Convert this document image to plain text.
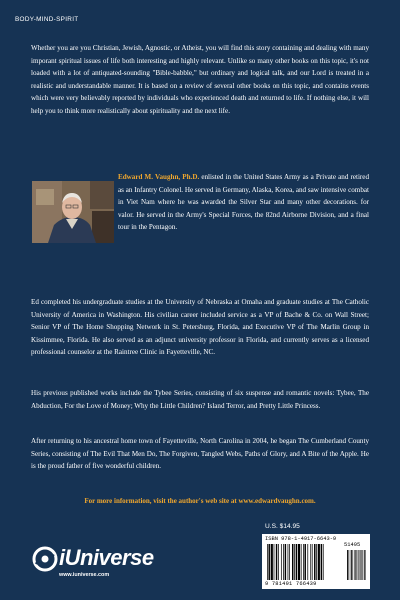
BODY-MIND-SPIRIT

Whether you are you Christian, Jewish, Agnostic, or Atheist, you will find this story containing and dealing with many imporant spiritual issues of life both interesting and highly relevant. Unlike so many other books on this topic, it's not loaded with a lot of antiquated-sounding "Bible-babble," but ordinary and logical talk, and our Lord is treated in a realistic and understandable manner. It is based on a review of several other books on this topic, and contains events which were very believably reported by individuals who experienced death and returned to life. If nothing else, it will help you to think more realistically about spirituality and the next life.

Edward M. Vaughn, Ph.D. enlisted in the United States Army as a Private and retired as an Infantry Colonel. He served in Germany, Alaska, Korea, and saw intensive combat in Viet Nam where he was awarded the Silver Star and many other decorations. for valor. He served in the Army's Special Forces, the 82nd Airborne Division, and a final tour in the Pentagon.

Ed completed his undergraduate studies at the University of Nebraska at Omaha and graduate studies at The Catholic University of America in Washington. His civilian career included service as a VP of Bache & Co. on Wall Street; Senior VP of The Home Shopping Network in St. Petersburg, Florida, and Executive VP of The Marlin Group in Kissimmee, Florida. He also served as an adjunct university professor in Florida, and currently serves as a licensed professional counselor at the Raintree Clinic in Fayetteville, NC.

His previous published works include the Tybee Series, consisting of six suspense and romantic novels: Tybee, The Abduction, For the Love of Money; Why the Little Children? Island Terror, and Pretty Little Princess.

After returning to his ancestral home town of Fayetteville, North Carolina in 2004, he began The Cumberland County Series, consisting of The Evil That Men Do, The Forgiven, Tangled Webs, Paths of Glory, and A Bite of the Apple. He is the proud father of five wonderful children.

For more information, visit the author's web site at www.edwardvaughn.com.
U.S. $14.95
ISBN 978-1-4917-6643-9
51495
9 781491 766439
iUniverse
www.iuniverse.com
